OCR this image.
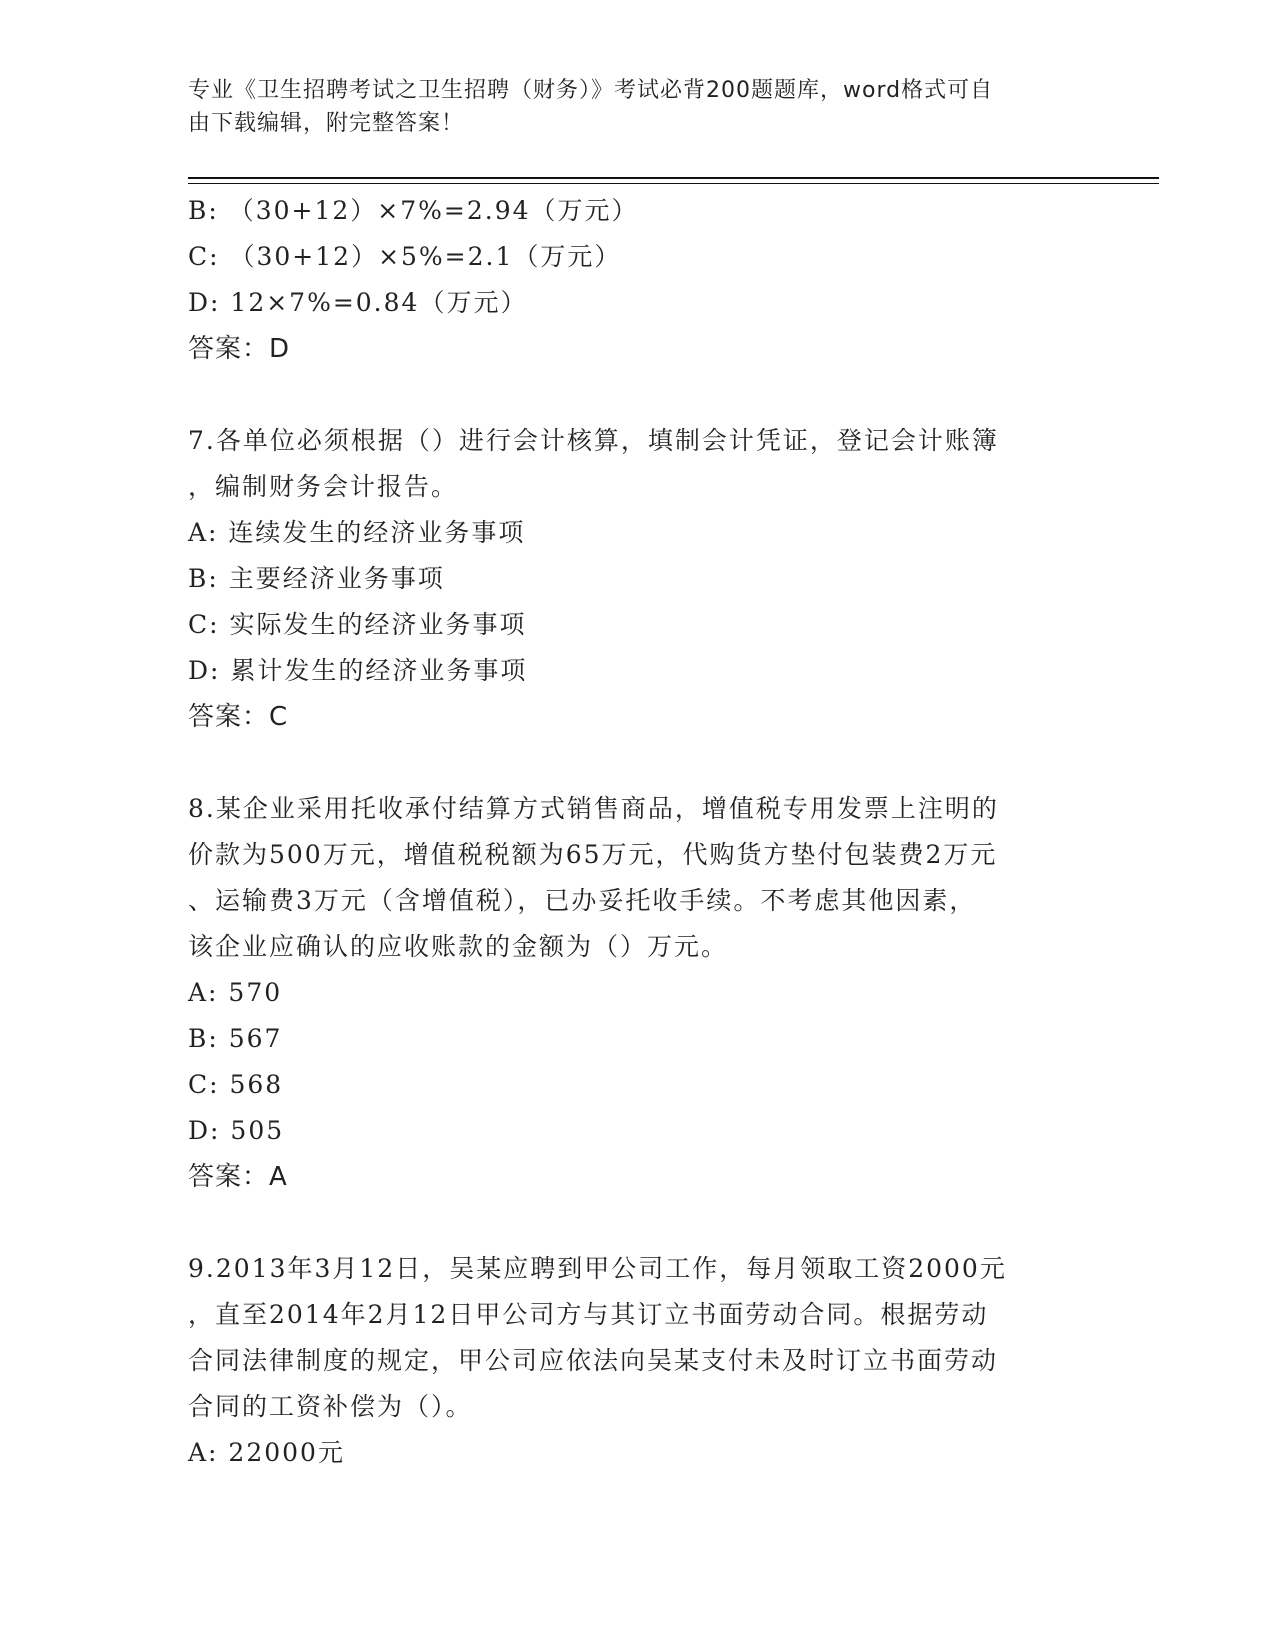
专业《卫生招聘考试之卫生招聘（财务）》考试必背200题题库，word格式可自
由下载编辑，附完整答案！
B: （30+12）×7%=2.94（万元）
C: （30+12）×5%=2.1（万元）
D: 12×7%=0.84（万元）
答案：D
7.各单位必须根据（）进行会计核算，填制会计凭证，登记会计账簿
，编制财务会计报告。
A: 连续发生的经济业务事项
B: 主要经济业务事项
C: 实际发生的经济业务事项
D: 累计发生的经济业务事项
答案：C
8.某企业采用托收承付结算方式销售商品，增值税专用发票上注明的
价款为500万元，增值税税额为65万元，代购货方垫付包装费2万元
、运输费3万元（含增值税），已办妥托收手续。不考虑其他因素，
该企业应确认的应收账款的金额为（）万元。
A: 570
B: 567
C: 568
D: 505
答案：A
9.2013年3月12日，吴某应聘到甲公司工作，每月领取工资2000元
，直至2014年2月12日甲公司方与其订立书面劳动合同。根据劳动
合同法律制度的规定，甲公司应依法向吴某支付未及时订立书面劳动
合同的工资补偿为（）。
A: 22000元
